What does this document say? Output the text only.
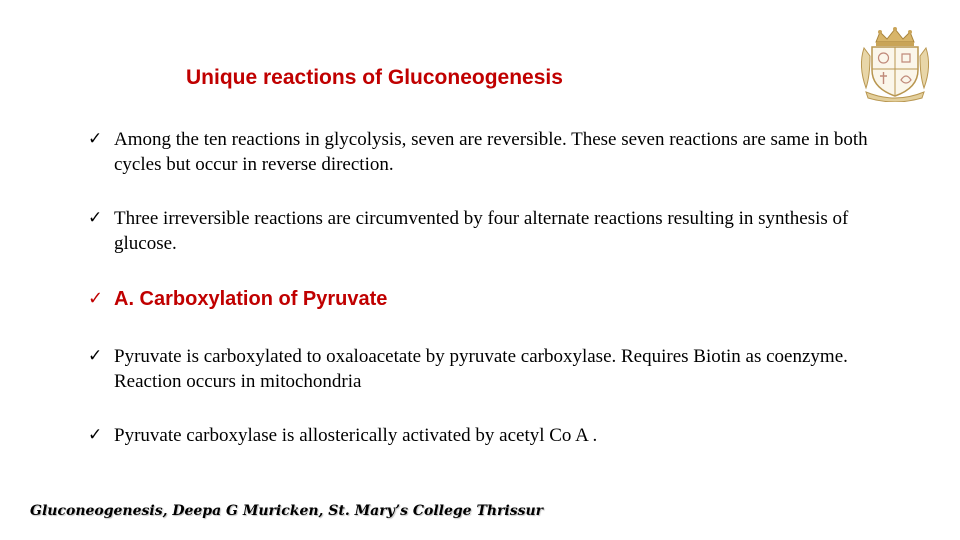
Unique reactions of Gluconeogenesis
✓ Among the ten reactions in glycolysis, seven are reversible. These seven reactions are same in both cycles but occur in reverse direction.

✓ Three irreversible reactions are circumvented by four alternate reactions resulting in synthesis of glucose.

✓ A. Carboxylation of Pyruvate

✓ Pyruvate is carboxylated to oxaloacetate by pyruvate carboxylase. Requires Biotin as coenzyme. Reaction occurs in mitochondria

✓ Pyruvate carboxylase is allosterically activated by acetyl Co A .

Gluconeogenesis, Deepa G Muricken, St. Mary’s College Thrissur
